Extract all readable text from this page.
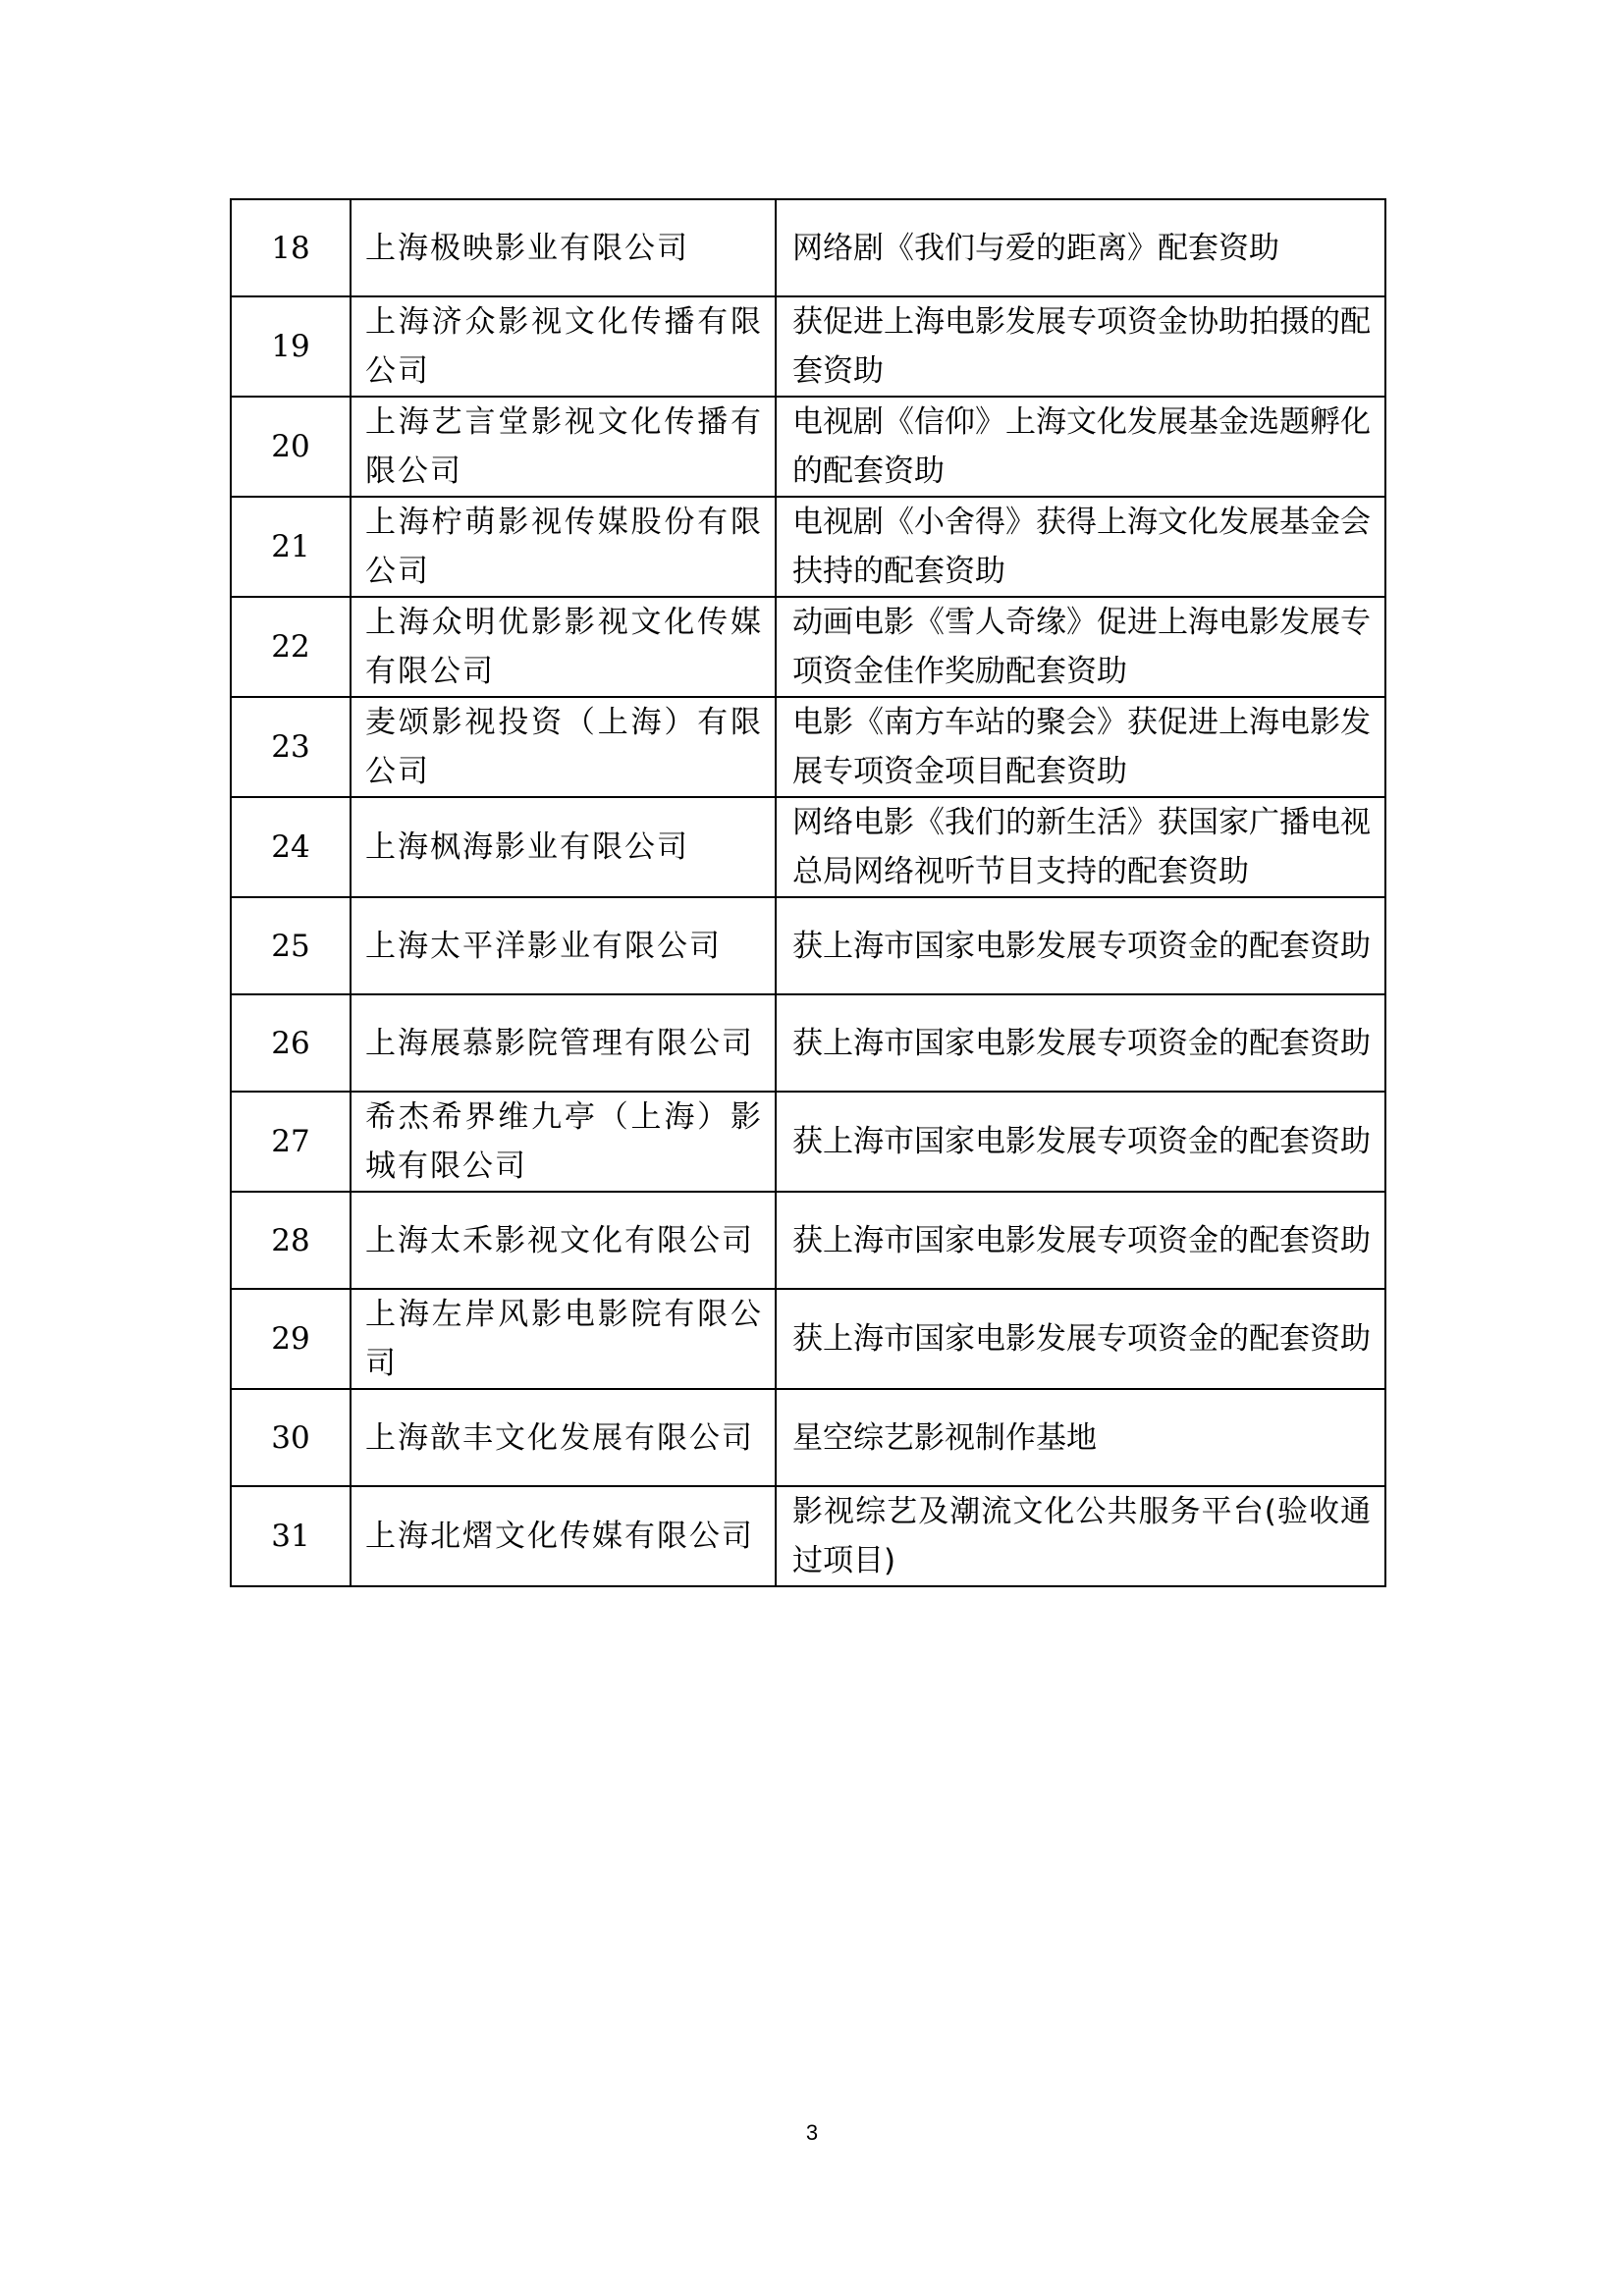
18	上海极映影业有限公司	网络剧《我们与爱的距离》配套资助
19	上海济众影视文化传播有限公司	获促进上海电影发展专项资金协助拍摄的配套资助
20	上海艺言堂影视文化传播有限公司	电视剧《信仰》上海文化发展基金选题孵化的配套资助
21	上海柠萌影视传媒股份有限公司	电视剧《小舍得》获得上海文化发展基金会扶持的配套资助
22	上海众明优影影视文化传媒有限公司	动画电影《雪人奇缘》促进上海电影发展专项资金佳作奖励配套资助
23	麦颂影视投资（上海）有限公司	电影《南方车站的聚会》获促进上海电影发展专项资金项目配套资助
24	上海枫海影业有限公司	网络电影《我们的新生活》获国家广播电视总局网络视听节目支持的配套资助
25	上海太平洋影业有限公司	获上海市国家电影发展专项资金的配套资助
26	上海展慕影院管理有限公司	获上海市国家电影发展专项资金的配套资助
27	希杰希界维九亭（上海）影城有限公司	获上海市国家电影发展专项资金的配套资助
28	上海太禾影视文化有限公司	获上海市国家电影发展专项资金的配套资助
29	上海左岸风影电影院有限公司	获上海市国家电影发展专项资金的配套资助
30	上海歆丰文化发展有限公司	星空综艺影视制作基地
31	上海北熠文化传媒有限公司	影视综艺及潮流文化公共服务平台(验收通过项目)
3
